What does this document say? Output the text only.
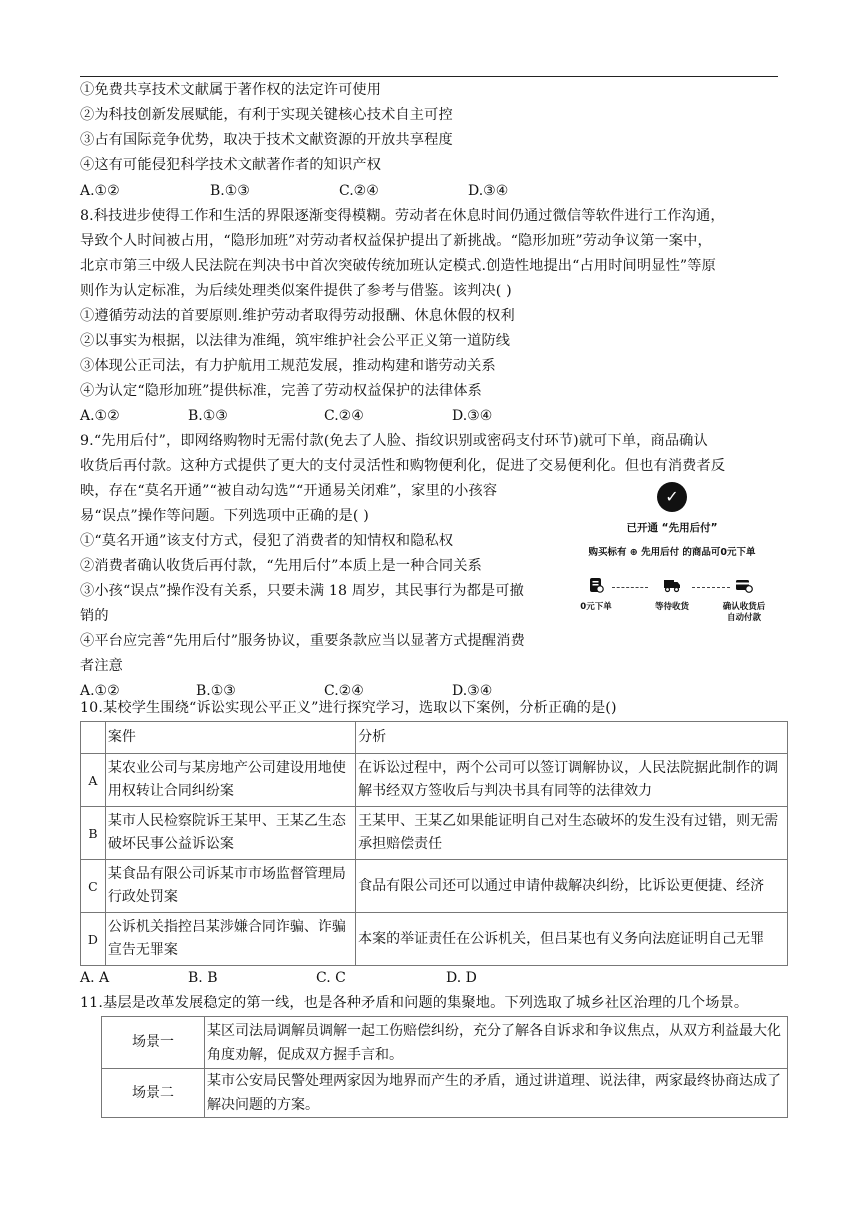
①免费共享技术文献属于著作权的法定许可使用
②为科技创新发展赋能，有利于实现关键核心技术自主可控
③占有国际竞争优势，取决于技术文献资源的开放共享程度
④这有可能侵犯科学技术文献著作者的知识产权
A.①②	B.①③	C.②④	D.③④
8.科技进步使得工作和生活的界限逐渐变得模糊。劳动者在休息时间仍通过微信等软件进行工作沟通，
导致个人时间被占用，“隐形加班”对劳动者权益保护提出了新挑战。“隐形加班”劳动争议第一案中，
北京市第三中级人民法院在判决书中首次突破传统加班认定模式.创造性地提出“占用时间明显性”等原
则作为认定标准，为后续处理类似案件提供了参考与借鉴。该判决( )
①遵循劳动法的首要原则.维护劳动者取得劳动报酬、休息休假的权利
②以事实为根据，以法律为准绳，筑牢维护社会公平正义第一道防线
③体现公正司法，有力护航用工规范发展，推动构建和谐劳动关系
④为认定“隐形加班”提供标准，完善了劳动权益保护的法律体系
A.①②	B.①③	C.②④	D.③④
9.“先用后付”，即网络购物时无需付款(免去了人脸、指纹识别或密码支付环节)就可下单，商品确认
收货后再付款。这种方式提供了更大的支付灵活性和购物便利化，促进了交易便利化。但也有消费者反
映，存在“莫名开通”“被自动勾选”“开通易关闭难”，家里的小孩容
易“误点”操作等问题。下列选项中正确的是( )
①“莫名开通”该支付方式，侵犯了消费者的知情权和隐私权
②消费者确认收货后再付款，“先用后付”本质上是一种合同关系
③小孩“误点”操作没有关系，只要未满 18 周岁，其民事行为都是可撤
销的
④平台应完善“先用后付”服务协议，重要条款应当以显著方式提醒消费
者注意
A.①②	B.①③	C.②④	D.③④
✓
已开通 “先用后付”
购买标有 ⊕ 先用后付 的商品可0元下单
0元下单	等待收货	确认收货后
自动付款
10.某校学生围绕“诉讼实现公平正义”进行探究学习，选取以下案例，分析正确的是()
	案件	分析
A	某农业公司与某房地产公司建设用地使用权转让合同纠纷案	在诉讼过程中，两个公司可以签订调解协议，人民法院据此制作的调解书经双方签收后与判决书具有同等的法律效力
B	某市人民检察院诉王某甲、王某乙生态破坏民事公益诉讼案	王某甲、王某乙如果能证明自己对生态破坏的发生没有过错，则无需承担赔偿责任
C	某食品有限公司诉某市市场监督管理局行政处罚案	食品有限公司还可以通过申请仲裁解决纠纷，比诉讼更便捷、经济
D	公诉机关指控吕某涉嫌合同诈骗、诈骗宣告无罪案	本案的举证责任在公诉机关，但吕某也有义务向法庭证明自己无罪
A. A	B. B	C. C	D. D
11.基层是改革发展稳定的第一线，也是各种矛盾和问题的集聚地。下列选取了城乡社区治理的几个场景。
场景一	某区司法局调解员调解一起工伤赔偿纠纷，充分了解各自诉求和争议焦点，从双方利益最大化角度劝解，促成双方握手言和。
场景二	某市公安局民警处理两家因为地界而产生的矛盾，通过讲道理、说法律，两家最终协商达成了解决问题的方案。
